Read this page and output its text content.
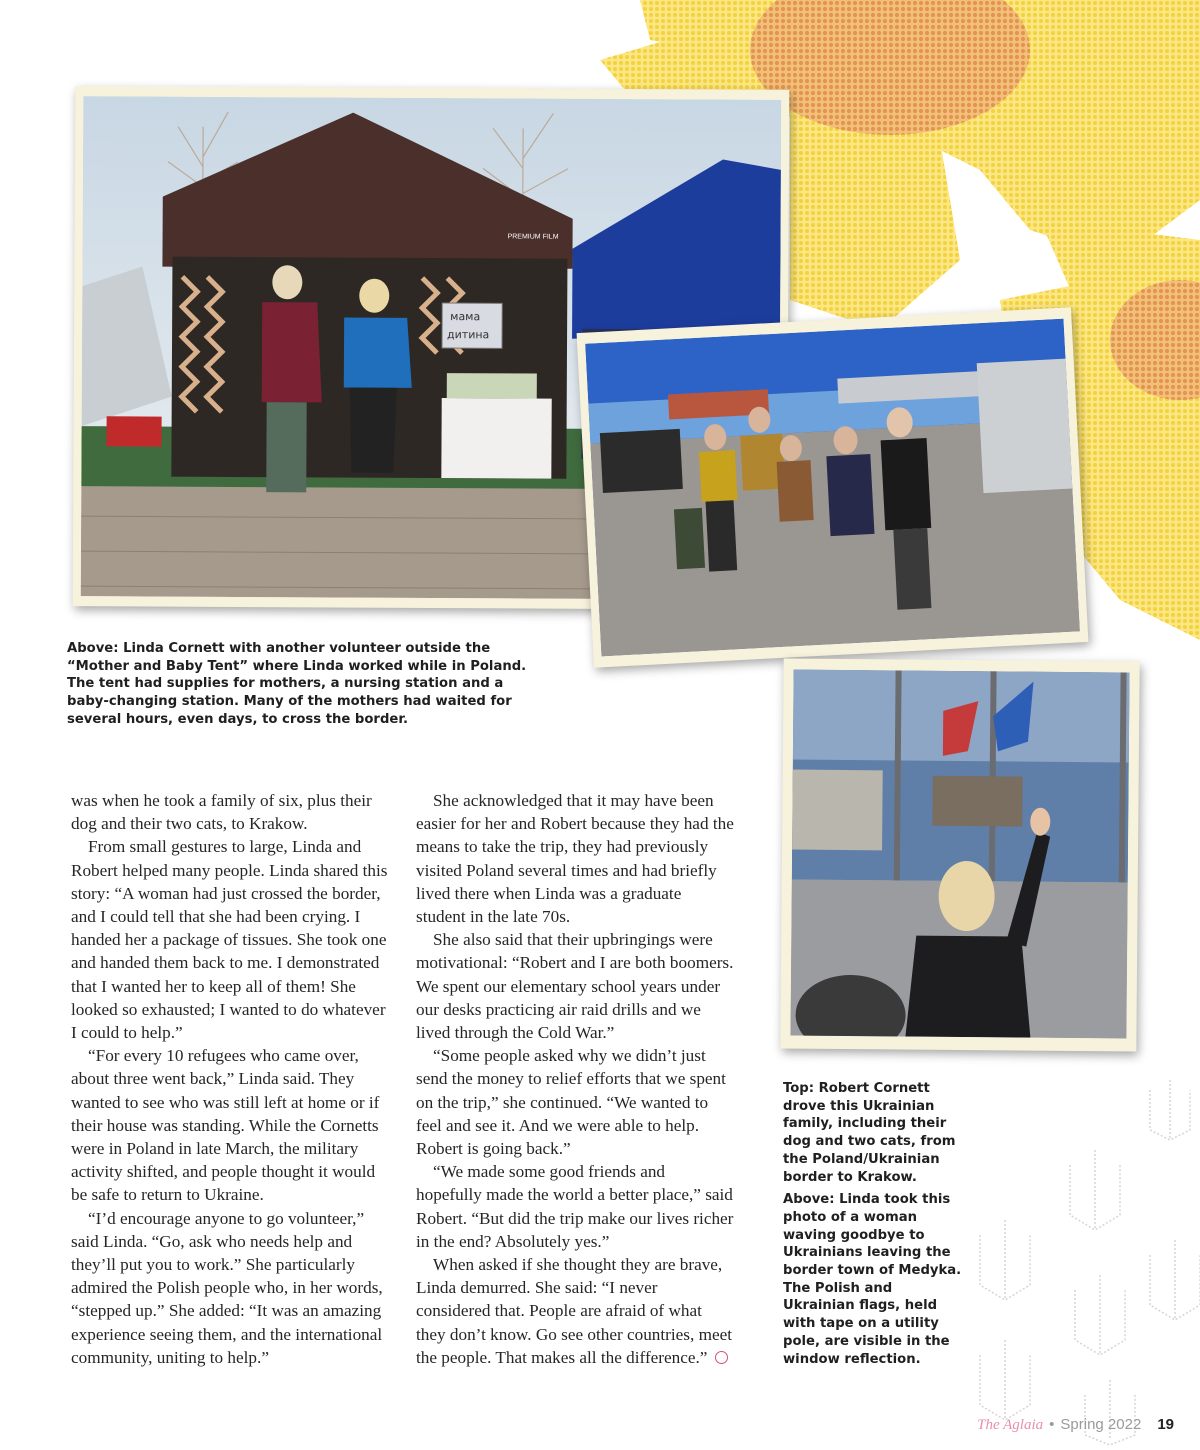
PREMIUM FILM
мама
дитина

Above: Linda Cornett with another volunteer outside the “Mother and Baby Tent” where Linda worked while in Poland. The tent had supplies for mothers, a nursing station and a baby-changing station. Many of the mothers had waited for several hours, even days, to cross the border.

Top: Robert Cornett drove this Ukrainian family, including their dog and two cats, from the Poland/Ukrainian border to Krakow.

Above: Linda took this photo of a woman waving goodbye to Ukrainians leaving the border town of Medyka. The Polish and Ukrainian flags, held with tape on a utility pole, are visible in the window reflection.

was when he took a family of six, plus their dog and their two cats, to Krakow.

From small gestures to large, Linda and Robert helped many people. Linda shared this story: “A woman had just crossed the border, and I could tell that she had been crying. I handed her a package of tissues. She took one and handed them back to me. I demonstrated that I wanted her to keep all of them! She looked so exhausted; I wanted to do whatever I could to help.”

“For every 10 refugees who came over, about three went back,” Linda said. They wanted to see who was still left at home or if their house was standing. While the Cornetts were in Poland in late March, the military activity shifted, and people thought it would be safe to return to Ukraine.

“I’d encourage anyone to go volunteer,” said Linda. “Go, ask who needs help and they’ll put you to work.” She particularly admired the Polish people who, in her words, “stepped up.” She added: “It was an amazing experience seeing them, and the international community, uniting to help.”

She acknowledged that it may have been easier for her and Robert because they had the means to take the trip, they had previously visited Poland several times and had briefly lived there when Linda was a graduate student in the late 70s.

She also said that their upbringings were motivational: “Robert and I are both boomers. We spent our elementary school years under our desks practicing air raid drills and we lived through the Cold War.”

“Some people asked why we didn’t just send the money to relief efforts that we spent on the trip,” she continued. “We wanted to feel and see it. And we were able to help. Robert is going back.”

“We made some good friends and hopefully made the world a better place,” said Robert. “But did the trip make our lives richer in the end? Absolutely yes.”

When asked if she thought they are brave, Linda demurred. She said: “I never considered that. People are afraid of what they don’t know. Go see other countries, meet the people. That makes all the difference.”

The Aglaia • Spring 2022 19
